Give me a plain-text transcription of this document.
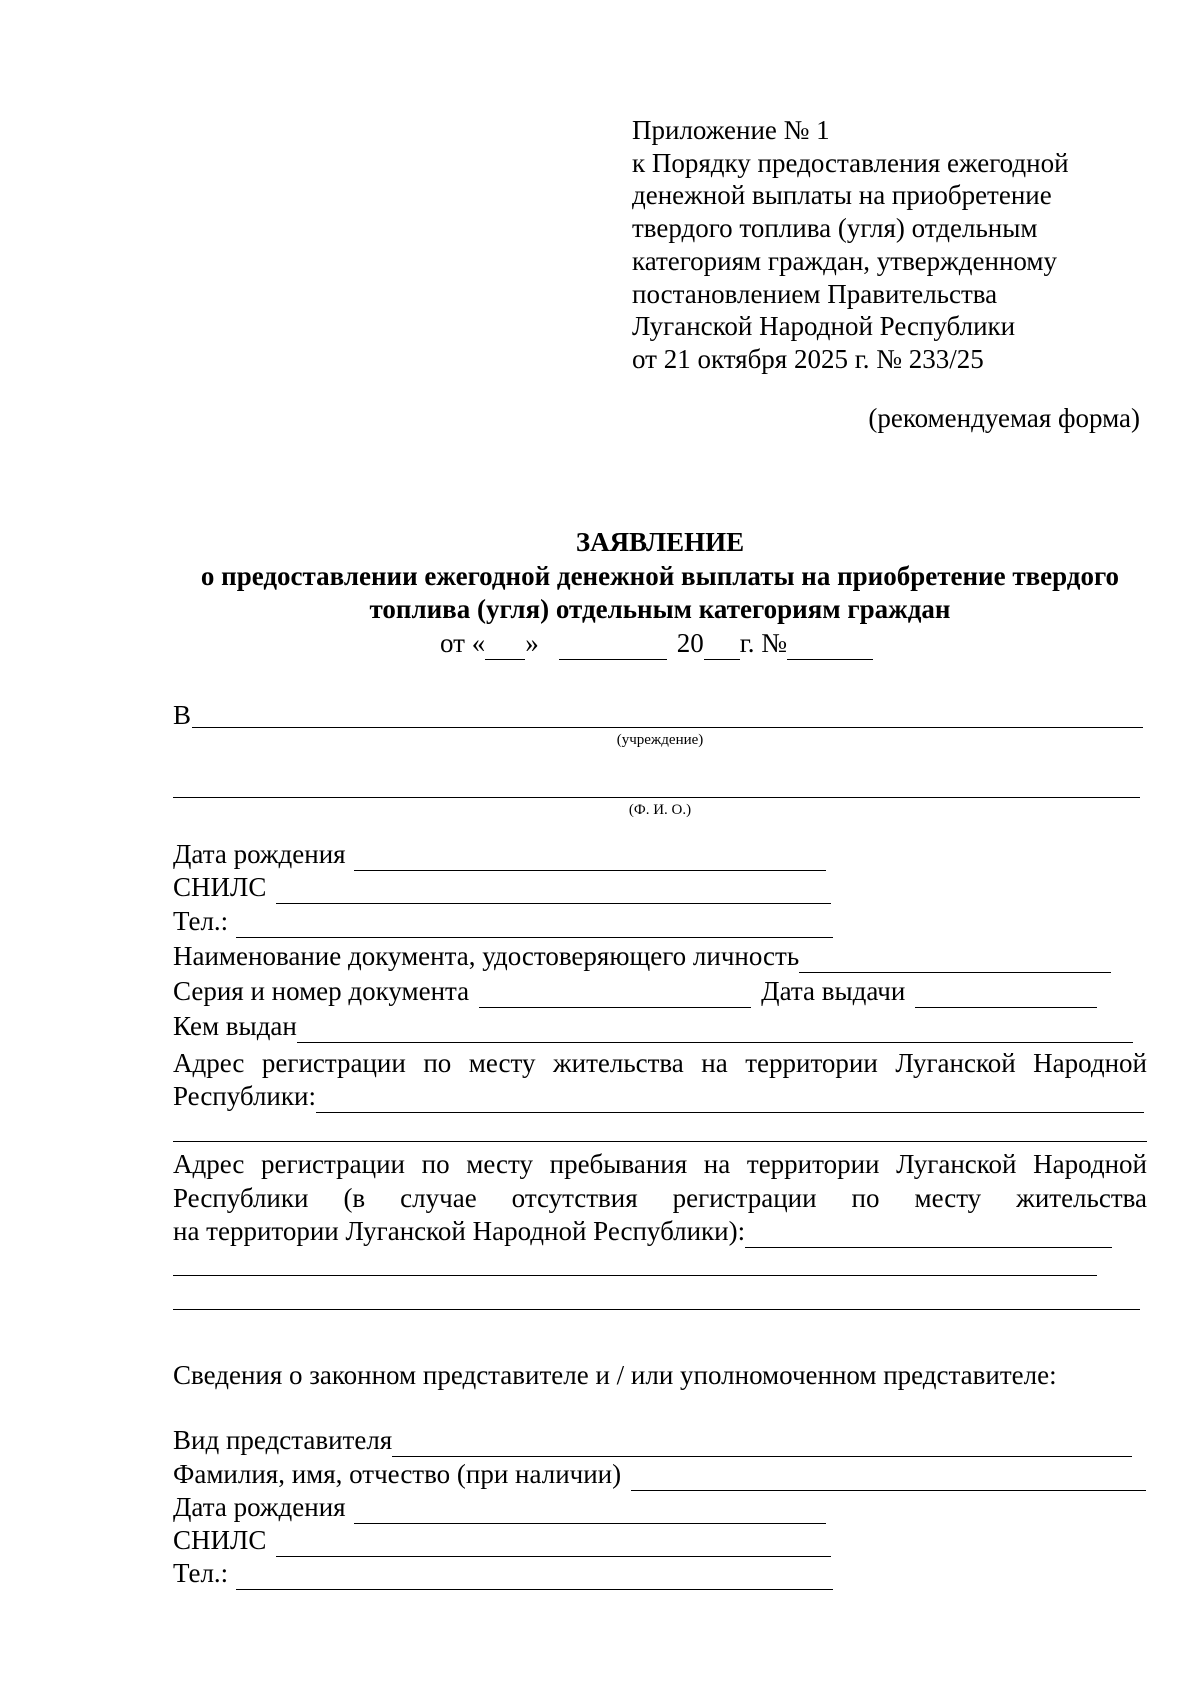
Приложение № 1
к Порядку предоставления ежегодной
денежной выплаты на приобретение
твердого топлива (угля) отдельным
категориям граждан, утвержденному
постановлением Правительства
Луганской Народной Республики
от 21 октября 2025 г. № 233/25
(рекомендуемая форма)
ЗАЯВЛЕНИЕ
о предоставлении ежегодной денежной выплаты на приобретение твердого
топлива (угля) отдельным категориям граждан
от « »	20 г. №
В
(учреждение)
(Ф. И. О.)
Дата рождения
СНИЛС
Тел.:
Наименование документа, удостоверяющего личность
Серия и номер документа	Дата выдачи
Кем выдан
Адрес регистрации по месту жительства на территории Луганской Народной
Республики:
Адрес регистрации по месту пребывания на территории Луганской Народной
Республики (в случае отсутствия регистрации по месту жительства
на территории Луганской Народной Республики):
Сведения о законном представителе и / или уполномоченном представителе:
Вид представителя
Фамилия, имя, отчество (при наличии)
Дата рождения
СНИЛС
Тел.:
